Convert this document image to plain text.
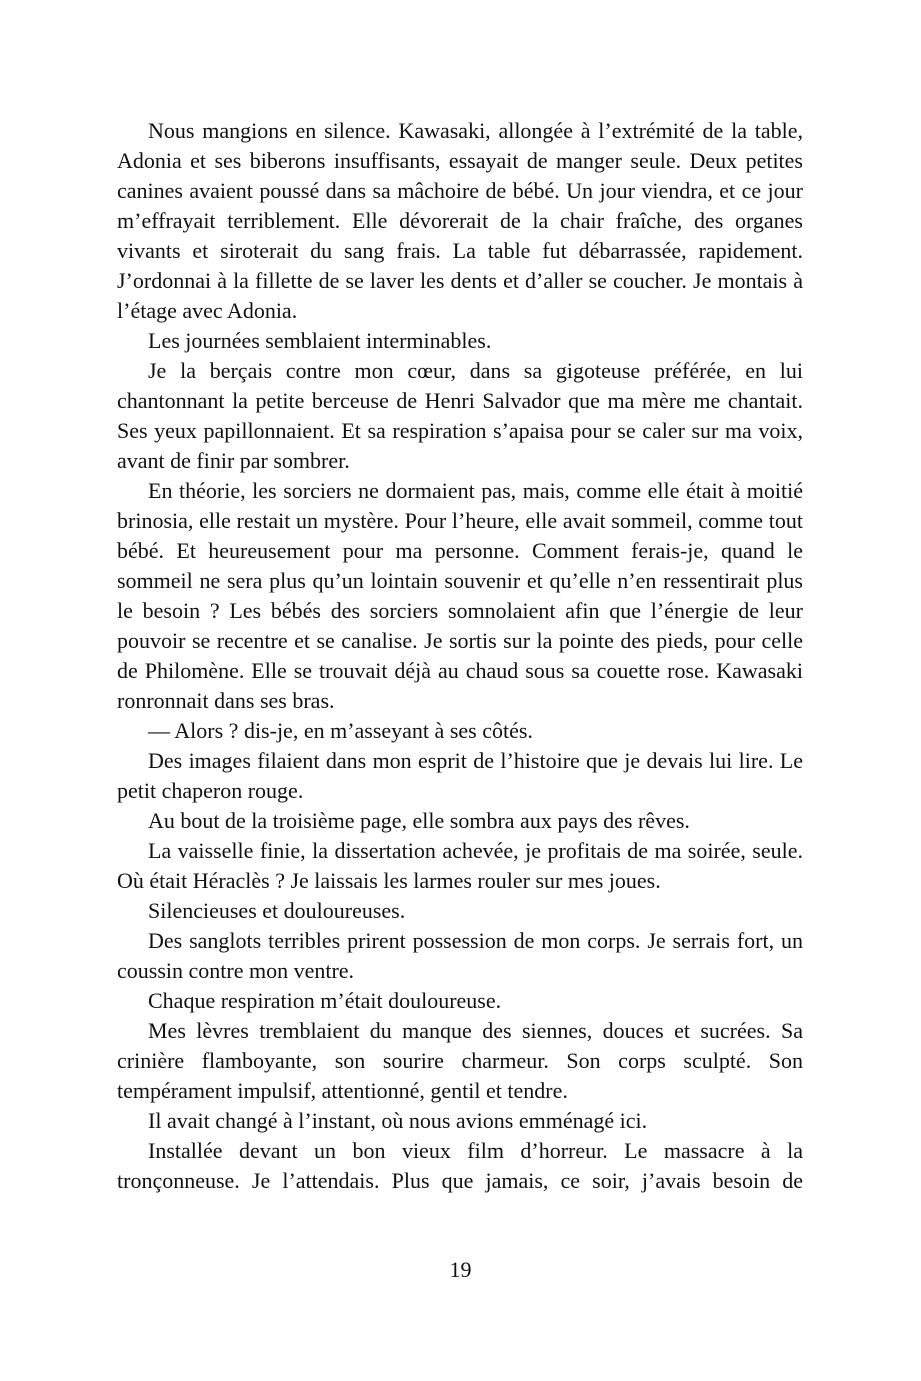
Nous mangions en silence. Kawasaki, allongée à l’extrémité de la table, Adonia et ses biberons insuffisants, essayait de manger seule. Deux petites canines avaient poussé dans sa mâchoire de bébé. Un jour viendra, et ce jour m’effrayait terriblement. Elle dévorerait de la chair fraîche, des organes vivants et siroterait du sang frais. La table fut débarrassée, rapidement. J’ordonnai à la fillette de se laver les dents et d’aller se coucher. Je montais à l’étage avec Adonia.

Les journées semblaient interminables.

Je la berçais contre mon cœur, dans sa gigoteuse préférée, en lui chantonnant la petite berceuse de Henri Salvador que ma mère me chantait. Ses yeux papillonnaient. Et sa respiration s’apaisa pour se caler sur ma voix, avant de finir par sombrer.

En théorie, les sorciers ne dormaient pas, mais, comme elle était à moitié brinosia, elle restait un mystère. Pour l’heure, elle avait sommeil, comme tout bébé. Et heureusement pour ma personne. Comment ferais-je, quand le sommeil ne sera plus qu’un lointain souvenir et qu’elle n’en ressentirait plus le besoin ? Les bébés des sorciers somnolaient afin que l’énergie de leur pouvoir se recentre et se canalise. Je sortis sur la pointe des pieds, pour celle de Philomène. Elle se trouvait déjà au chaud sous sa couette rose. Kawasaki ronronnait dans ses bras.

— Alors ? dis-je, en m’asseyant à ses côtés.

Des images filaient dans mon esprit de l’histoire que je devais lui lire. Le petit chaperon rouge.

Au bout de la troisième page, elle sombra aux pays des rêves.

La vaisselle finie, la dissertation achevée, je profitais de ma soirée, seule. Où était Héraclès ? Je laissais les larmes rouler sur mes joues.

Silencieuses et douloureuses.

Des sanglots terribles prirent possession de mon corps. Je serrais fort, un coussin contre mon ventre.

Chaque respiration m’était douloureuse.

Mes lèvres tremblaient du manque des siennes, douces et sucrées. Sa crinière flamboyante, son sourire charmeur. Son corps sculpté. Son tempérament impulsif, attentionné, gentil et tendre.

Il avait changé à l’instant, où nous avions emménagé ici.

Installée devant un bon vieux film d’horreur. Le massacre à la tronçonneuse. Je l’attendais. Plus que jamais, ce soir, j’avais besoin de

19
